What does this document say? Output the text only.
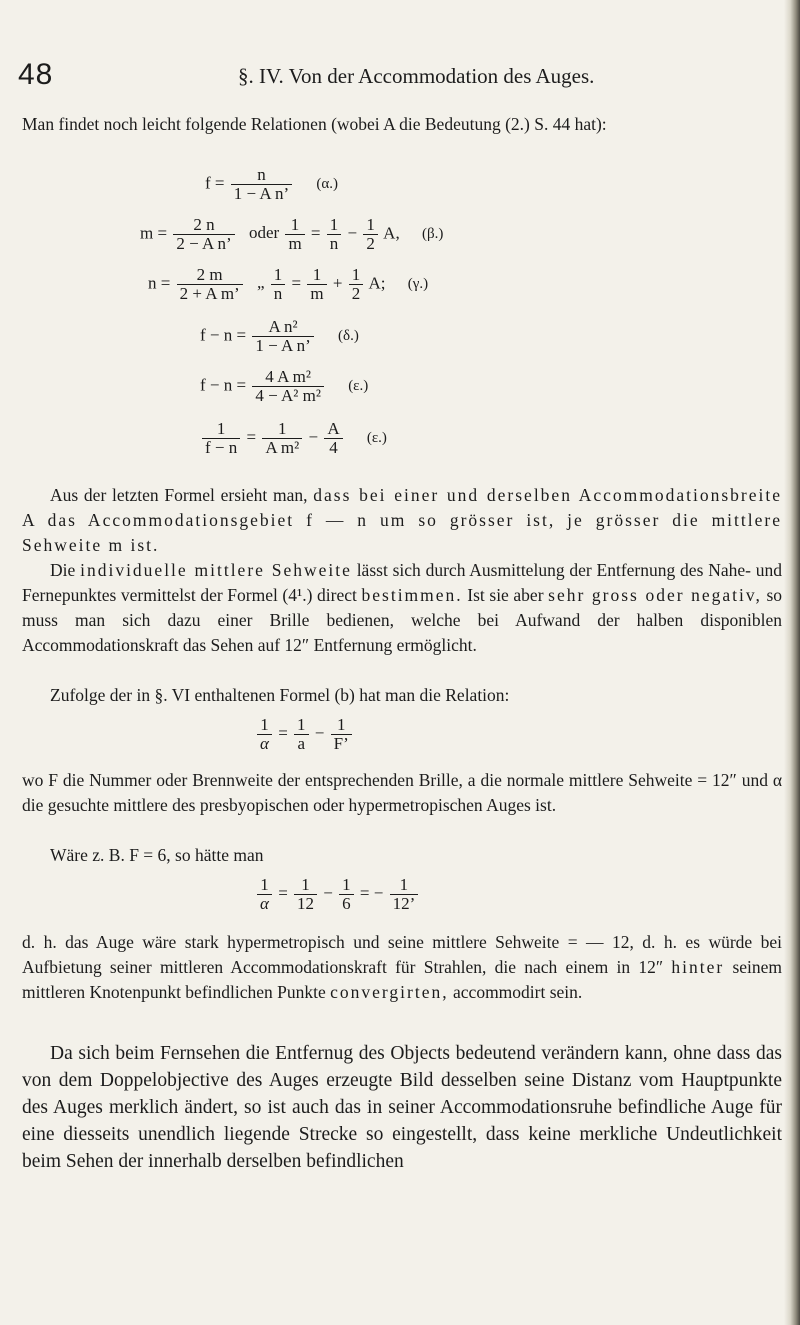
48	§. IV. Von der Accommodation des Auges.
Man findet noch leicht folgende Relationen (wobei A die Bedeutung (2.) S. 44 hat):
$f = \frac{n}{\text{1 − A n’}} (\alpha.)$
$m = \frac{2 n}{\text{2 − A n’}}$ oder $\frac{1}{m} = \frac{1}{n} - \frac{1}{2} A$, (β.)
$n = \frac{2 m}{\text{2 + A m’}}$ „ $\frac{1}{n} = \frac{1}{m} + \frac{1}{2} A$; (γ.)
$f - n = \frac{\text{A n²}}{\text{1 − A n’}} (\delta.)$
$f - n = \frac{\text{4 A m²}}{\text{4 − A² m²}} (\varepsilon.)$
$\frac{1}{f - n} = \frac{1}{\text{A m²}} - \frac{A}{4} (\varepsilon.)$
Aus der letzten Formel ersieht man, dass bei einer und derselben Accommodationsbreite A das Accommodationsgebiet f — n um so grösser ist, je grösser die mittlere Sehweite m ist.
Die individuelle mittlere Sehweite lässt sich durch Ausmittelung der Entfernung des Nahe- und Fernepunktes vermittelst der Formel (4¹.) direct bestimmen. Ist sie aber sehr gross oder negativ, so muss man sich dazu einer Brille bedienen, welche bei Aufwand der halben disponiblen Accommodationskraft das Sehen auf 12″ Entfernung ermöglicht.
Zufolge der in §. VI enthaltenen Formel (b) hat man die Relation:
$\frac{1}{\alpha} = \frac{1}{a} - \frac{1}{F’}$
wo F die Nummer oder Brennweite der entsprechenden Brille, a die normale mittlere Sehweite = 12″ und α die gesuchte mittlere des presbyopischen oder hypermetropischen Auges ist.
Wäre z. B. F = 6, so hätte man
$\frac{1}{\alpha} = \frac{1}{12} - \frac{1}{6}$ = − $\frac{1}{12’}$
d. h. das Auge wäre stark hypermetropisch und seine mittlere Sehweite = — 12, d. h. es würde bei Aufbietung seiner mittleren Accommodationskraft für Strahlen, die nach einem in 12″ hinter seinem mittleren Knotenpunkt befindlichen Punkte convergirten, accommodirt sein.
Da sich beim Fernsehen die Entfernug des Objects bedeutend verändern kann, ohne dass das von dem Doppelobjective des Auges erzeugte Bild desselben seine Distanz vom Hauptpunkte des Auges merklich ändert, so ist auch das in seiner Accommodationsruhe befindliche Auge für eine diesseits unendlich liegende Strecke so eingestellt, dass keine merkliche Undeutlichkeit beim Sehen der innerhalb derselben befindlichen
